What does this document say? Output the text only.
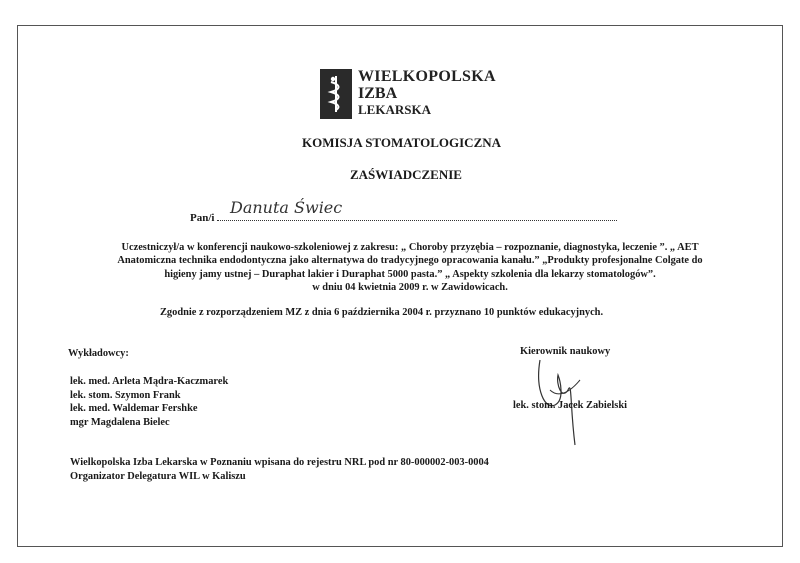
WIELKOPOLSKA
IZBA
LEKARSKA
KOMISJA STOMATOLOGICZNA
ZAŚWIADCZENIE
Pan/i
Danuta Świec
Uczestniczył/a w konferencji naukowo-szkoleniowej z zakresu: „ Choroby przyzębia – rozpoznanie, diagnostyka, leczenie ”. „ AET
Anatomiczna technika endodontyczna jako alternatywa do tradycyjnego opracowania kanału.” „Produkty profesjonalne Colgate do
higieny jamy ustnej – Duraphat lakier i Duraphat 5000 pasta.” „ Aspekty szkolenia dla lekarzy stomatologów”.
w dniu 04 kwietnia 2009 r. w Zawidowicach.
Zgodnie z rozporządzeniem MZ z dnia 6 października 2004 r. przyznano 10 punktów edukacyjnych.
Wykładowcy:
lek. med. Arleta Mądra-Kaczmarek
lek. stom. Szymon Frank
lek. med. Waldemar Fershke
mgr Magdalena Bielec
Kierownik naukowy
lek. stom. Jacek Zabielski
Wielkopolska Izba Lekarska w Poznaniu wpisana do rejestru NRL pod nr 80-000002-003-0004
Organizator Delegatura WIL w Kaliszu
